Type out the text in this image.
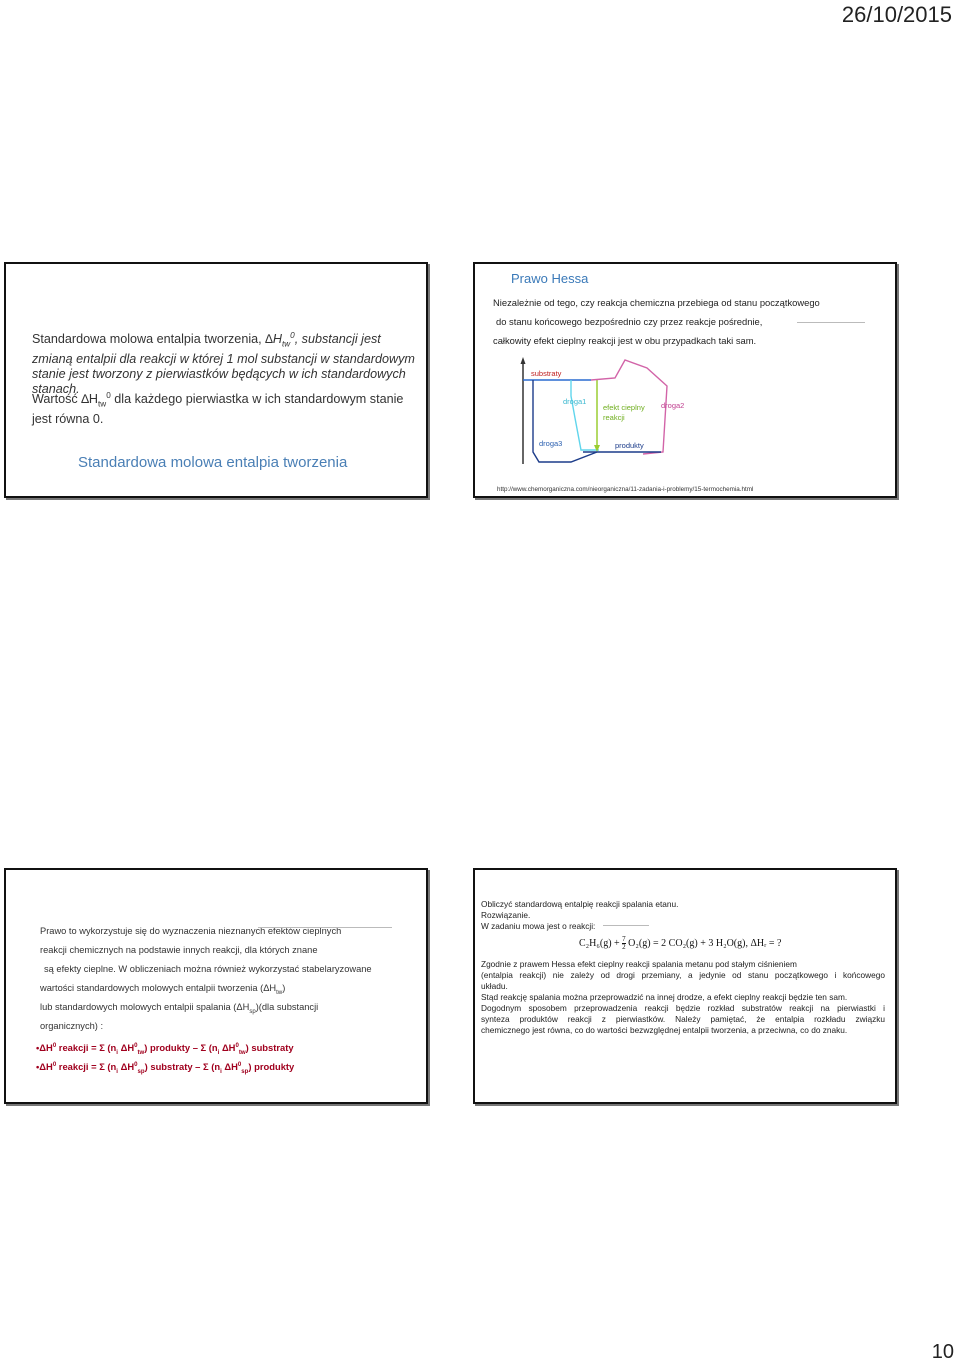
26/10/2015
Standardowa molowa entalpia tworzenia, $\Delta H_{tw}^0$, substancji jest zmianą entalpii dla reakcji w której 1 mol substancji w standardowym stanie jest tworzony z pierwiastków będących w ich standardowych stanach.
Wartość $\Delta H_{tw}^0$ dla każdego pierwiastka w ich standardowym stanie jest równa 0.
Standardowa molowa entalpia tworzenia
Prawo Hessa
Niezależnie od tego, czy reakcja chemiczna przebiega od stanu początkowego
do stanu końcowego bezpośrednio czy przez reakcje pośrednie,
całkowity efekt cieplny reakcji jest w obu przypadkach taki sam.
substraty
droga1
efekt cieplny
reakcji
droga2
droga3	produkty
http://www.chemorganiczna.com/nieorganiczna/11-zadania-i-problemy/15-termochemia.html
Prawo to wykorzystuje się do wyznaczenia nieznanych efektów cieplnych
reakcji chemicznych na podstawie innych reakcji, dla których znane
są efekty cieplne. W obliczeniach można również wykorzystać stabelaryzowane
wartości standardowych molowych entalpii tworzenia $(\Delta H_{tw})$
lub standardowych molowych entalpii spalania $(\Delta H_{sp})(dla$ substancji
organicznych) :
$•\Delta H^0$ reakcji = Σ ($n_i$ $\Delta H^0_{tw}$) produkty – Σ ($n_i$ $\Delta H^0_{tw}$) substraty
$•\Delta H^0$ reakcji = Σ ($n_i$ $\Delta H^0_{sp}$) substraty – Σ ($n_i$ $\Delta H^0_{sp}$) produkty
Obliczyć standardową entalpię reakcji spalania etanu.
Rozwiązanie.
W zadaniu mowa jest o reakcji:
$C_2H_6(g) + \frac{7}{2} O_2(g) = 2$ CO₂(g) + 3 H₂O(g), ΔHᵣ = ?
Zgodnie z prawem Hessa efekt cieplny reakcji spalania metanu pod stałym ciśnieniem
(entalpia reakcji) nie zależy od drogi przemiany, a jedynie od stanu początkowego i końcowego
układu.
Stąd reakcję spalania można przeprowadzić na innej drodze, a efekt cieplny reakcji będzie ten sam.
Dogodnym sposobem przeprowadzenia reakcji będzie rozkład substratów reakcji na pierwiastki i
synteza produktów reakcji z pierwiastków. Należy pamiętać, że entalpia rozkładu związku
chemicznego jest równa, co do wartości bezwzględnej entalpii tworzenia, a przeciwna, co do znaku.
10
